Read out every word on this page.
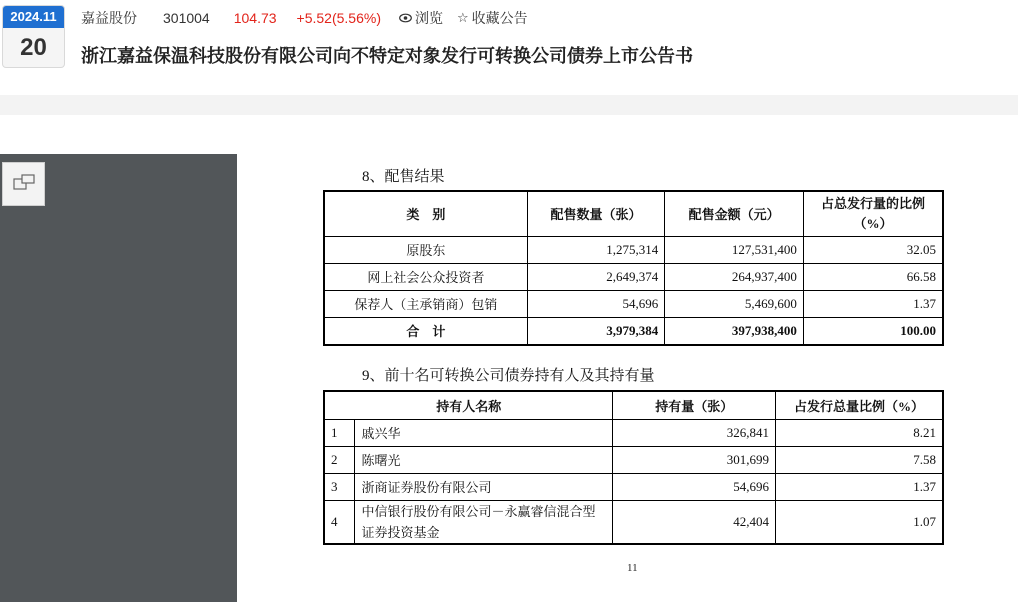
2024.11
20
嘉益股份 301004 104.73 +5.52(5.56%) 浏览 ☆ 收藏公告
浙江嘉益保温科技股份有限公司向不特定对象发行可转换公司债券上市公告书
8、配售结果
类　别	配售数量（张）	配售金额（元）	占总发行量的比例（%）
原股东	1,275,314	127,531,400	32.05
网上社会公众投资者	2,649,374	264,937,400	66.58
保荐人（主承销商）包销	54,696	5,469,600	1.37
合　计	3,979,384	397,938,400	100.00
9、前十名可转换公司债券持有人及其持有量
持有人名称		持有量（张）	占发行总量比例（%）
1	戚兴华	326,841	8.21
2	陈曙光	301,699	7.58
3	浙商证券股份有限公司	54,696	1.37
4	中信银行股份有限公司－永赢睿信混合型证券投资基金	42,404	1.07
11
